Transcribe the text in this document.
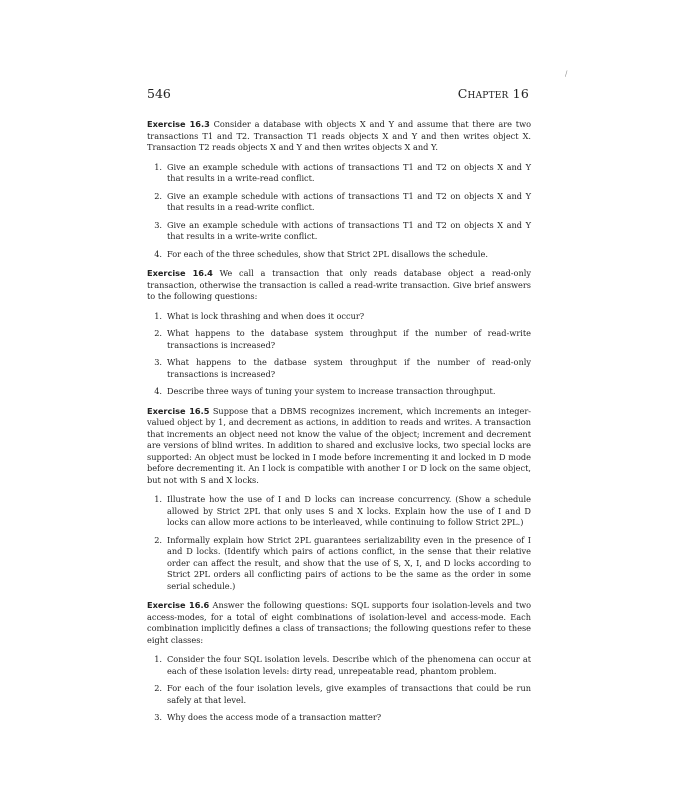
/
546	Chapter 16

Exercise 16.3 Consider a database with objects X and Y and assume that there are two transactions T1 and T2. Transaction T1 reads objects X and Y and then writes object X. Transaction T2 reads objects X and Y and then writes objects X and Y.

1. Give an example schedule with actions of transactions T1 and T2 on objects X and Y that results in a write-read conflict.
2. Give an example schedule with actions of transactions T1 and T2 on objects X and Y that results in a read-write conflict.
3. Give an example schedule with actions of transactions T1 and T2 on objects X and Y that results in a write-write conflict.
4. For each of the three schedules, show that Strict 2PL disallows the schedule.

Exercise 16.4 We call a transaction that only reads database object a read-only transaction, otherwise the transaction is called a read-write transaction. Give brief answers to the following questions:

1. What is lock thrashing and when does it occur?
2. What happens to the database system throughput if the number of read-write transactions is increased?
3. What happens to the datbase system throughput if the number of read-only transactions is increased?
4. Describe three ways of tuning your system to increase transaction throughput.

Exercise 16.5 Suppose that a DBMS recognizes increment, which increments an integer-valued object by 1, and decrement as actions, in addition to reads and writes. A transaction that increments an object need not know the value of the object; increment and decrement are versions of blind writes. In addition to shared and exclusive locks, two special locks are supported: An object must be locked in I mode before incrementing it and locked in D mode before decrementing it. An I lock is compatible with another I or D lock on the same object, but not with S and X locks.

1. Illustrate how the use of I and D locks can increase concurrency. (Show a schedule allowed by Strict 2PL that only uses S and X locks. Explain how the use of I and D locks can allow more actions to be interleaved, while continuing to follow Strict 2PL.)
2. Informally explain how Strict 2PL guarantees serializability even in the presence of I and D locks. (Identify which pairs of actions conflict, in the sense that their relative order can affect the result, and show that the use of S, X, I, and D locks according to Strict 2PL orders all conflicting pairs of actions to be the same as the order in some serial schedule.)

Exercise 16.6 Answer the following questions: SQL supports four isolation-levels and two access-modes, for a total of eight combinations of isolation-level and access-mode. Each combination implicitly defines a class of transactions; the following questions refer to these eight classes:

1. Consider the four SQL isolation levels. Describe which of the phenomena can occur at each of these isolation levels: dirty read, unrepeatable read, phantom problem.
2. For each of the four isolation levels, give examples of transactions that could be run safely at that level.
3. Why does the access mode of a transaction matter?
